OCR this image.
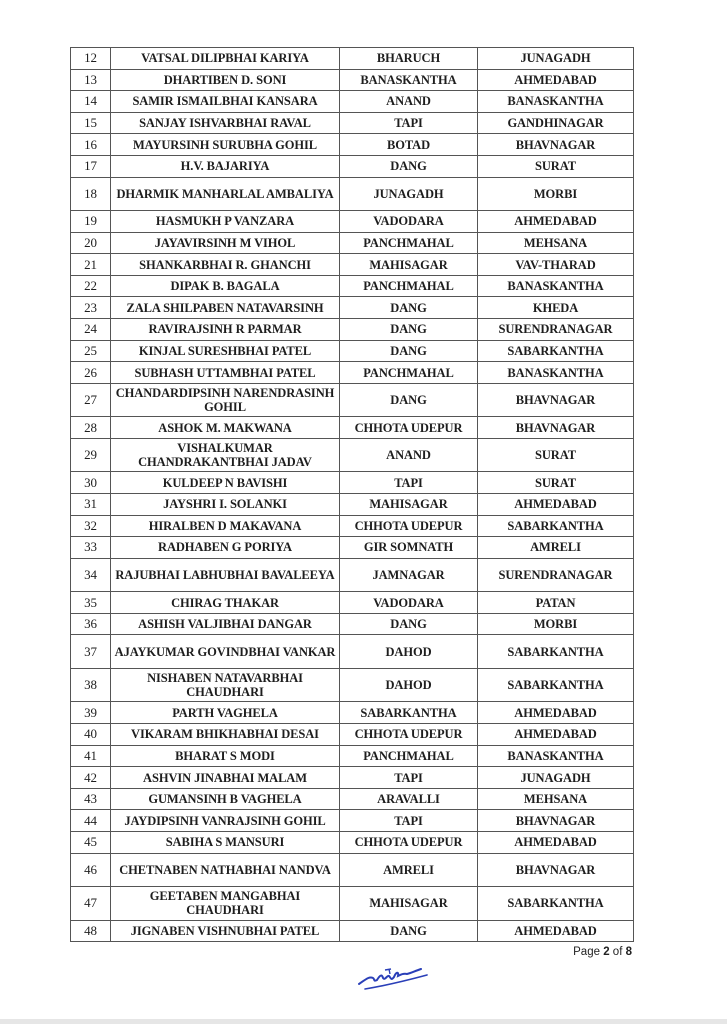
12	VATSAL DILIPBHAI KARIYA	BHARUCH	JUNAGADH
13	DHARTIBEN D. SONI	BANASKANTHA	AHMEDABAD
14	SAMIR ISMAILBHAI KANSARA	ANAND	BANASKANTHA
15	SANJAY ISHVARBHAI RAVAL	TAPI	GANDHINAGAR
16	MAYURSINH SURUBHA GOHIL	BOTAD	BHAVNAGAR
17	H.V. BAJARIYA	DANG	SURAT
18	DHARMIK MANHARLAL AMBALIYA	JUNAGADH	MORBI
19	HASMUKH P VANZARA	VADODARA	AHMEDABAD
20	JAYAVIRSINH M VIHOL	PANCHMAHAL	MEHSANA
21	SHANKARBHAI R. GHANCHI	MAHISAGAR	VAV-THARAD
22	DIPAK B. BAGALA	PANCHMAHAL	BANASKANTHA
23	ZALA SHILPABEN NATAVARSINH	DANG	KHEDA
24	RAVIRAJSINH R PARMAR	DANG	SURENDRANAGAR
25	KINJAL SURESHBHAI PATEL	DANG	SABARKANTHA
26	SUBHASH UTTAMBHAI PATEL	PANCHMAHAL	BANASKANTHA
27	CHANDARDIPSINH NARENDRASINH GOHIL	DANG	BHAVNAGAR
28	ASHOK M. MAKWANA	CHHOTA UDEPUR	BHAVNAGAR
29	VISHALKUMAR CHANDRAKANTBHAI JADAV	ANAND	SURAT
30	KULDEEP N BAVISHI	TAPI	SURAT
31	JAYSHRI I. SOLANKI	MAHISAGAR	AHMEDABAD
32	HIRALBEN D MAKAVANA	CHHOTA UDEPUR	SABARKANTHA
33	RADHABEN G PORIYA	GIR SOMNATH	AMRELI
34	RAJUBHAI LABHUBHAI BAVALEEYA	JAMNAGAR	SURENDRANAGAR
35	CHIRAG THAKAR	VADODARA	PATAN
36	ASHISH VALJIBHAI DANGAR	DANG	MORBI
37	AJAYKUMAR GOVINDBHAI VANKAR	DAHOD	SABARKANTHA
38	NISHABEN NATAVARBHAI CHAUDHARI	DAHOD	SABARKANTHA
39	PARTH VAGHELA	SABARKANTHA	AHMEDABAD
40	VIKARAM BHIKHABHAI DESAI	CHHOTA UDEPUR	AHMEDABAD
41	BHARAT S MODI	PANCHMAHAL	BANASKANTHA
42	ASHVIN JINABHAI MALAM	TAPI	JUNAGADH
43	GUMANSINH B VAGHELA	ARAVALLI	MEHSANA
44	JAYDIPSINH VANRAJSINH GOHIL	TAPI	BHAVNAGAR
45	SABIHA S MANSURI	CHHOTA UDEPUR	AHMEDABAD
46	CHETNABEN NATHABHAI NANDVA	AMRELI	BHAVNAGAR
47	GEETABEN MANGABHAI CHAUDHARI	MAHISAGAR	SABARKANTHA
48	JIGNABEN VISHNUBHAI PATEL	DANG	AHMEDABAD
Page 2 of 8
